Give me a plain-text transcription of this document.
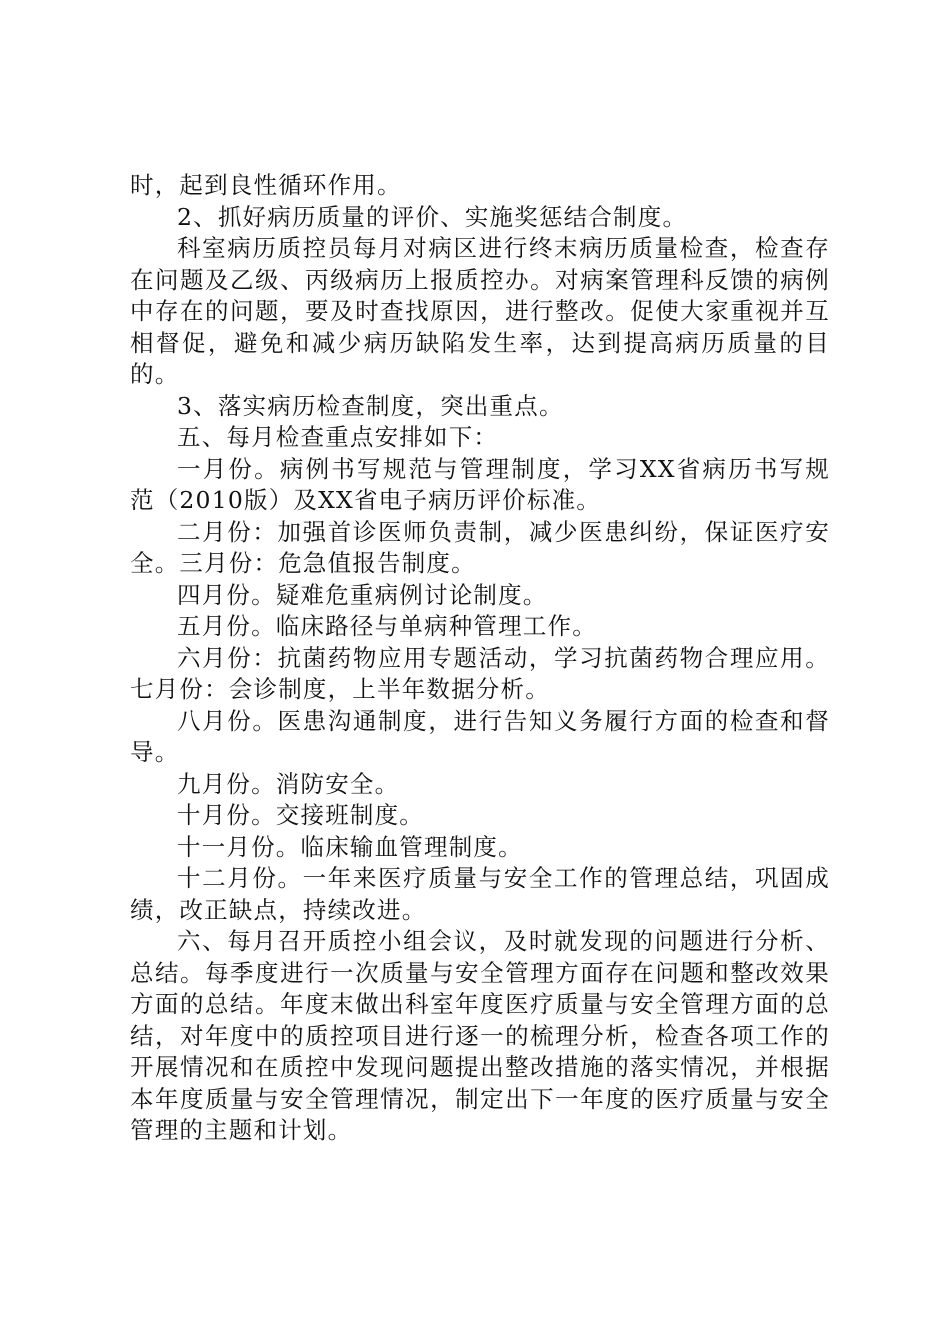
时，起到良性循环作用。

2、抓好病历质量的评价、实施奖惩结合制度。

科室病历质控员每月对病区进行终末病历质量检查，检查存在问题及乙级、丙级病历上报质控办。对病案管理科反馈的病例中存在的问题，要及时查找原因，进行整改。促使大家重视并互相督促，避免和减少病历缺陷发生率，达到提高病历质量的目的。

3、落实病历检查制度，突出重点。

五、每月检查重点安排如下：

一月份。病例书写规范与管理制度，学习XX省病历书写规范（2010版）及XX省电子病历评价标准。

二月份：加强首诊医师负责制，减少医患纠纷，保证医疗安全。三月份：危急值报告制度。

四月份。疑难危重病例讨论制度。

五月份。临床路径与单病种管理工作。

六月份：抗菌药物应用专题活动，学习抗菌药物合理应用。七月份：会诊制度，上半年数据分析。

八月份。医患沟通制度，进行告知义务履行方面的检查和督导。

九月份。消防安全。

十月份。交接班制度。

十一月份。临床输血管理制度。

十二月份。一年来医疗质量与安全工作的管理总结，巩固成绩，改正缺点，持续改进。

六、每月召开质控小组会议，及时就发现的问题进行分析、总结。每季度进行一次质量与安全管理方面存在问题和整改效果方面的总结。年度末做出科室年度医疗质量与安全管理方面的总结，对年度中的质控项目进行逐一的梳理分析，检查各项工作的开展情况和在质控中发现问题提出整改措施的落实情况，并根据本年度质量与安全管理情况，制定出下一年度的医疗质量与安全管理的主题和计划。
